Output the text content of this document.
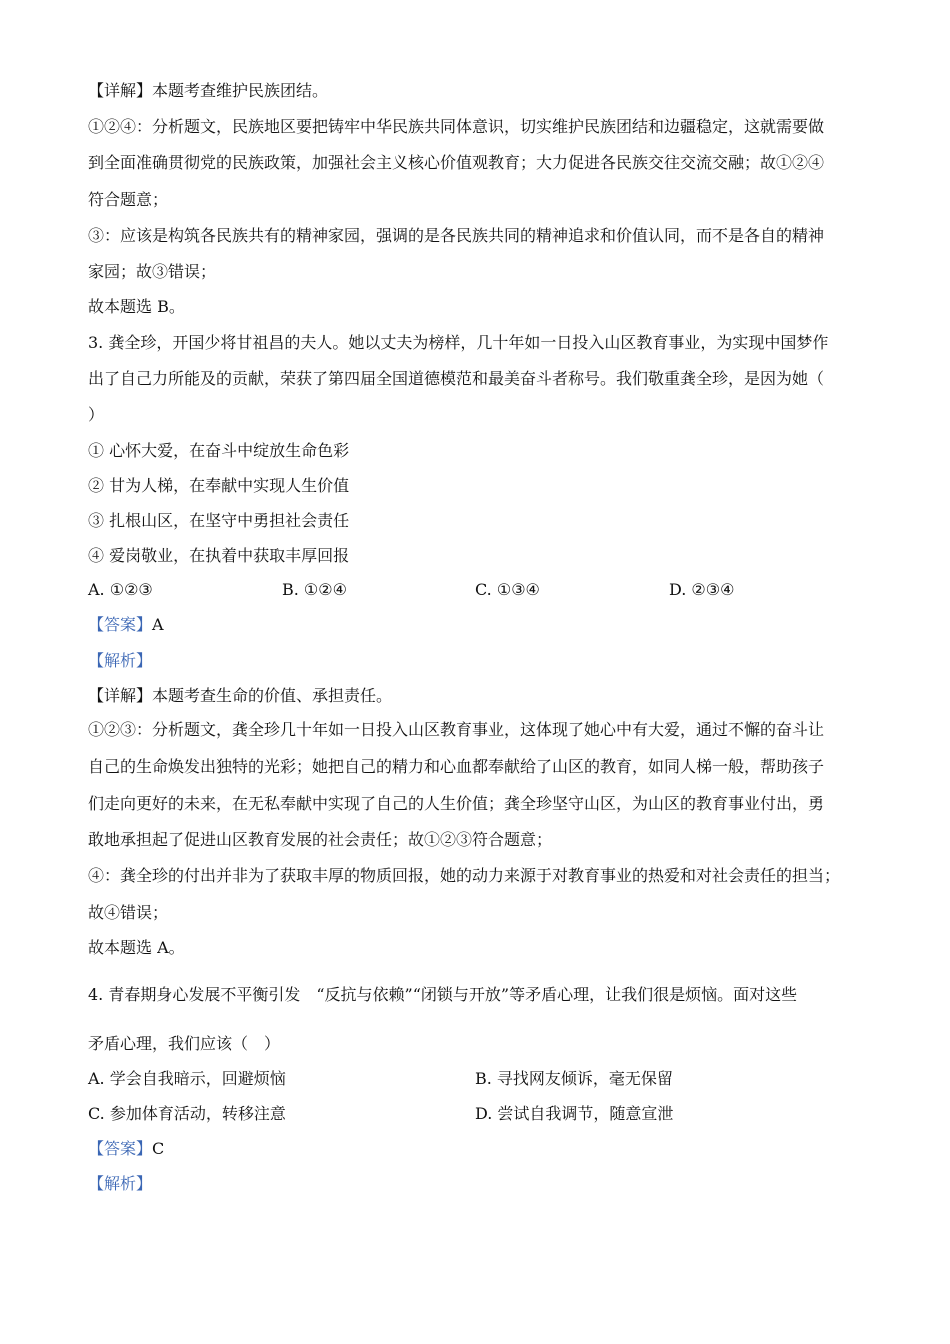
【详解】本题考查维护民族团结。
①②④：分析题文，民族地区要把铸牢中华民族共同体意识，切实维护民族团结和边疆稳定，这就需要做
到全面准确贯彻党的民族政策，加强社会主义核心价值观教育；大力促进各民族交往交流交融；故①②④
符合题意；
③：应该是构筑各民族共有的精神家园，强调的是各民族共同的精神追求和价值认同，而不是各自的精神
家园；故③错误；
故本题选 B。
3. 龚全珍，开国少将甘祖昌的夫人。她以丈夫为榜样，几十年如一日投入山区教育事业，为实现中国梦作
出了自己力所能及的贡献，荣获了第四届全国道德模范和最美奋斗者称号。我们敬重龚全珍，是因为她（
）
① 心怀大爱，在奋斗中绽放生命色彩
② 甘为人梯，在奉献中实现人生价值
③ 扎根山区，在坚守中勇担社会责任
④ 爱岗敬业，在执着中获取丰厚回报
A. ①②③	B. ①②④	C. ①③④	D. ②③④
【答案】A
【解析】
【详解】本题考查生命的价值、承担责任。
①②③：分析题文，龚全珍几十年如一日投入山区教育事业，这体现了她心中有大爱，通过不懈的奋斗让
自己的生命焕发出独特的光彩；她把自己的精力和心血都奉献给了山区的教育，如同人梯一般，帮助孩子
们走向更好的未来，在无私奉献中实现了自己的人生价值；龚全珍坚守山区，为山区的教育事业付出，勇
敢地承担起了促进山区教育发展的社会责任；故①②③符合题意；
④：龚全珍的付出并非为了获取丰厚的物质回报，她的动力来源于对教育事业的热爱和对社会责任的担当；
故④错误；
故本题选 A。
4. 青春期身心发展不平衡引发　“反抗与依赖”“闭锁与开放”等矛盾心理，让我们很是烦恼。面对这些
矛盾心理，我们应该（　）
A. 学会自我暗示，回避烦恼	B. 寻找网友倾诉，毫无保留
C. 参加体育活动，转移注意	D. 尝试自我调节，随意宣泄
【答案】C
【解析】
